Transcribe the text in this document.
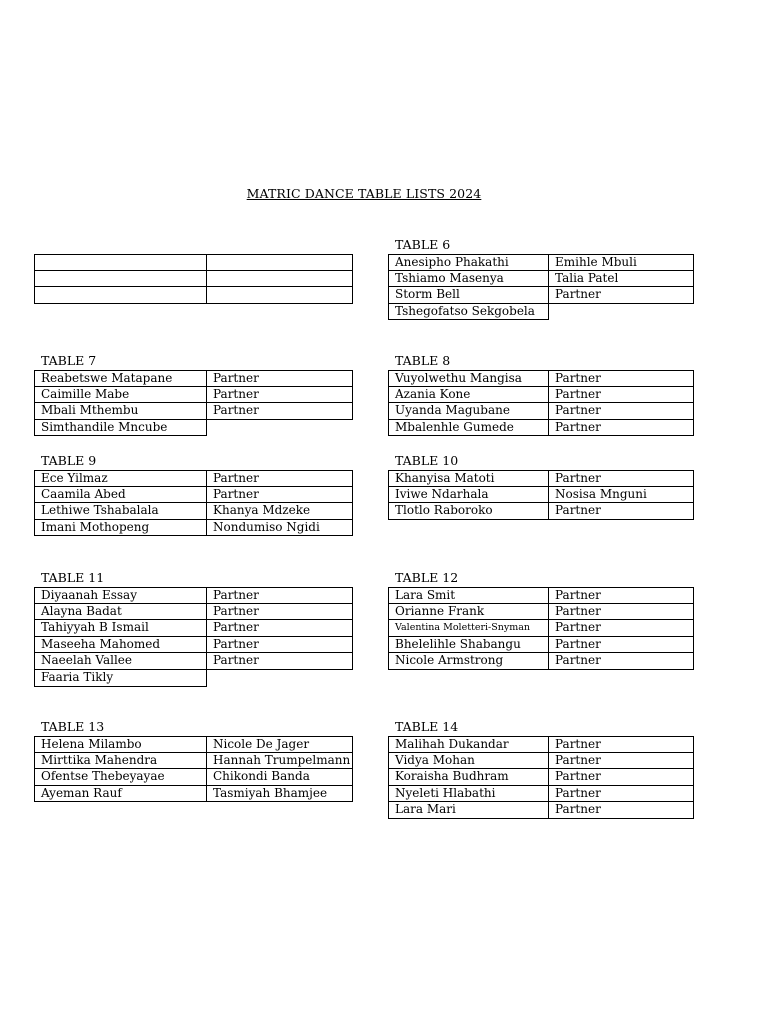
MATRIC DANCE TABLE LISTS 2024
TABLE 6
Anesipho Phakathi	Emihle Mbuli
Tshiamo Masenya	Talia Patel
Storm Bell	Partner
Tshegofatso Sekgobela
TABLE 7
Reabetswe Matapane	Partner
Caimille Mabe	Partner
Mbali Mthembu	Partner
Simthandile Mncube
TABLE 8
Vuyolwethu Mangisa	Partner
Azania Kone	Partner
Uyanda Magubane	Partner
Mbalenhle Gumede	Partner
TABLE 9
Ece Yilmaz	Partner
Caamila Abed	Partner
Lethiwe Tshabalala	Khanya Mdzeke
Imani Mothopeng	Nondumiso Ngidi
TABLE 10
Khanyisa Matoti	Partner
Iviwe Ndarhala	Nosisa Mnguni
Tlotlo Raboroko	Partner
TABLE 11
Diyaanah Essay	Partner
Alayna Badat	Partner
Tahiyyah B Ismail	Partner
Maseeha Mahomed	Partner
Naeelah Vallee	Partner
Faaria Tikly
TABLE 12
Lara Smit	Partner
Orianne Frank	Partner
Valentina Moletteri-Snyman	Partner
Bhelelihle Shabangu	Partner
Nicole Armstrong	Partner
TABLE 13
Helena Milambo	Nicole De Jager
Mirttika Mahendra	Hannah Trumpelmann
Ofentse Thebeyayae	Chikondi Banda
Ayeman Rauf	Tasmiyah Bhamjee
TABLE 14
Malihah Dukandar	Partner
Vidya Mohan	Partner
Koraisha Budhram	Partner
Nyeleti Hlabathi	Partner
Lara Mari	Partner
